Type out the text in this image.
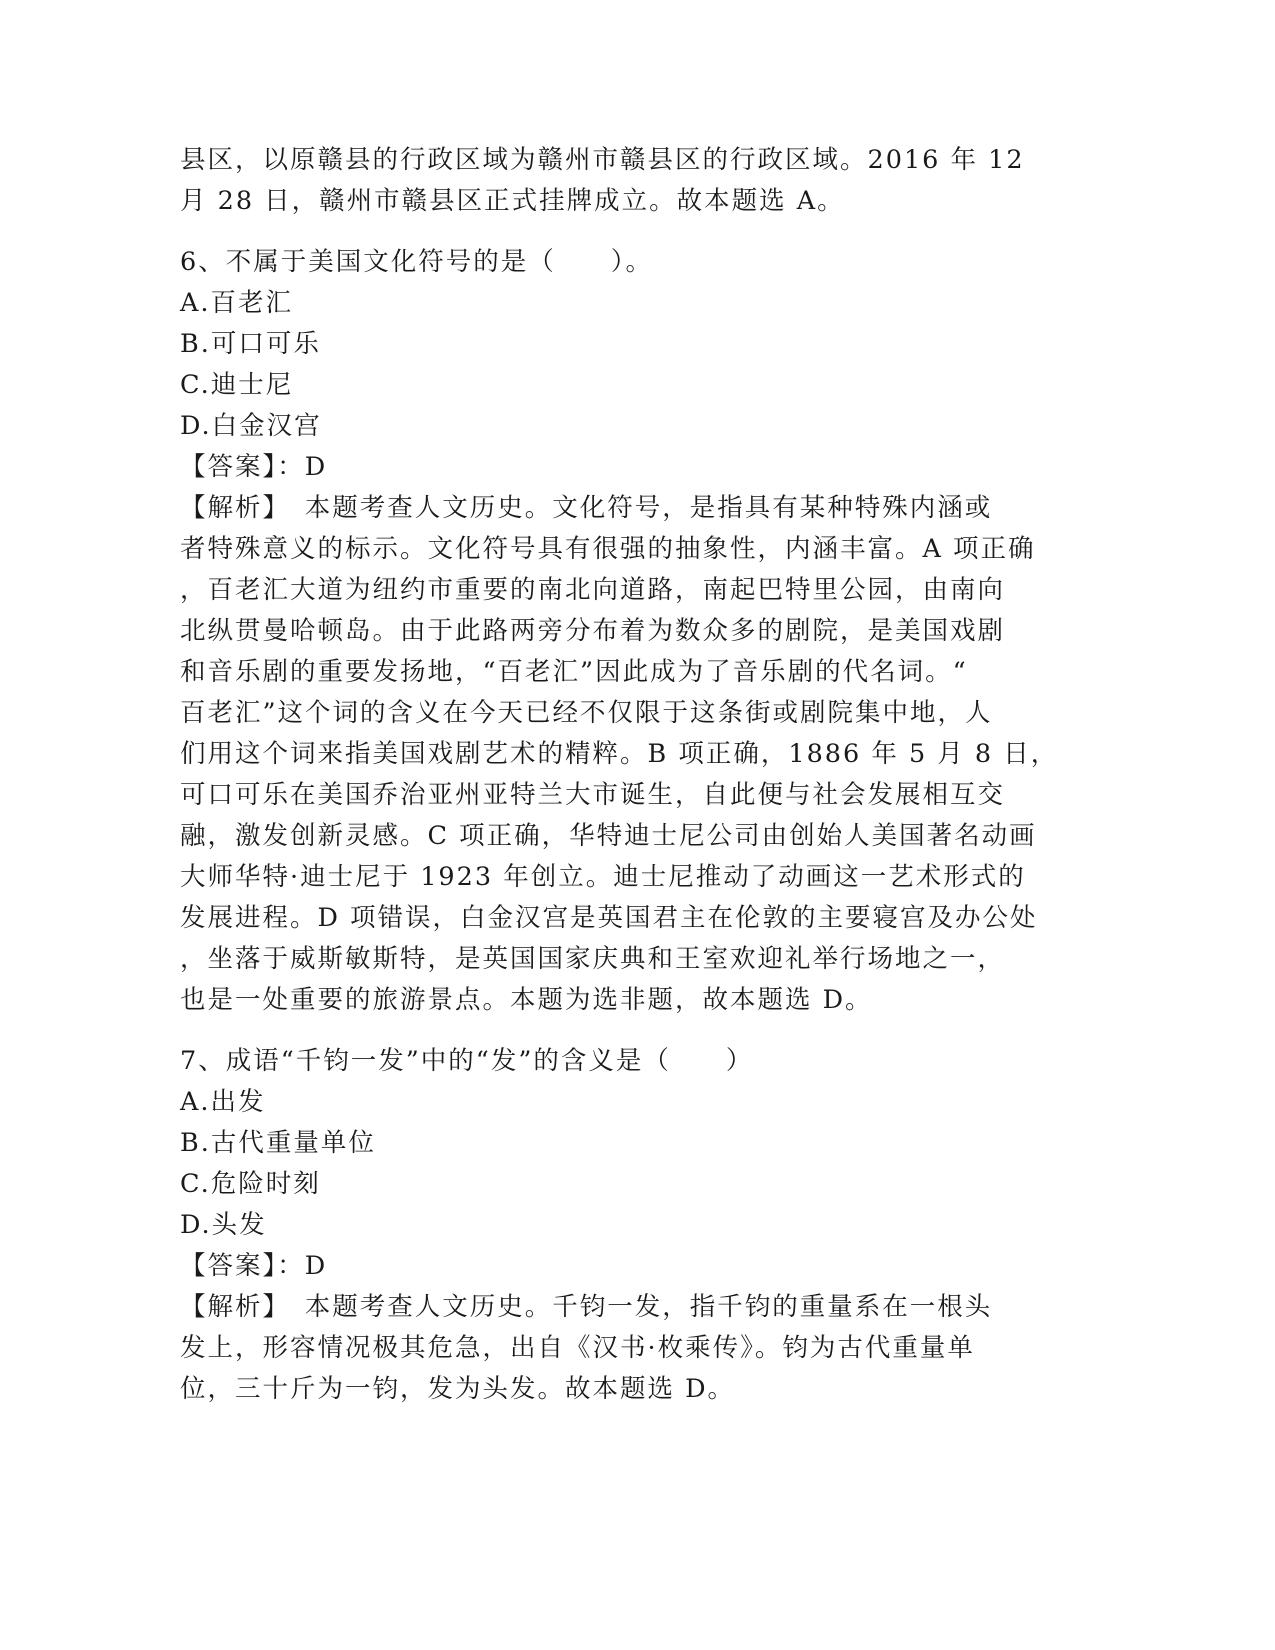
县区，以原赣县的行政区域为赣州市赣县区的行政区域。2016 年 12
月 28 日，赣州市赣县区正式挂牌成立。故本题选 A。
6、不属于美国文化符号的是（　　）。
A.百老汇
B.可口可乐
C.迪士尼
D.白金汉宫
【答案】：D
【解析】　本题考查人文历史。文化符号，是指具有某种特殊内涵或
者特殊意义的标示。文化符号具有很强的抽象性，内涵丰富。A 项正确
，百老汇大道为纽约市重要的南北向道路，南起巴特里公园，由南向
北纵贯曼哈顿岛。由于此路两旁分布着为数众多的剧院，是美国戏剧
和音乐剧的重要发扬地，“百老汇”因此成为了音乐剧的代名词。“
百老汇”这个词的含义在今天已经不仅限于这条街或剧院集中地，人
们用这个词来指美国戏剧艺术的精粹。B 项正确，1886 年 5 月 8 日，
可口可乐在美国乔治亚州亚特兰大市诞生，自此便与社会发展相互交
融，激发创新灵感。C 项正确，华特迪士尼公司由创始人美国著名动画
大师华特·迪士尼于 1923 年创立。迪士尼推动了动画这一艺术形式的
发展进程。D 项错误，白金汉宫是英国君主在伦敦的主要寝宫及办公处
，坐落于威斯敏斯特，是英国国家庆典和王室欢迎礼举行场地之一，
也是一处重要的旅游景点。本题为选非题，故本题选 D。
7、成语“千钧一发”中的“发”的含义是（　　）
A.出发
B.古代重量单位
C.危险时刻
D.头发
【答案】：D
【解析】　本题考查人文历史。千钧一发，指千钧的重量系在一根头
发上，形容情况极其危急，出自《汉书·枚乘传》。钧为古代重量单
位，三十斤为一钧，发为头发。故本题选 D。
